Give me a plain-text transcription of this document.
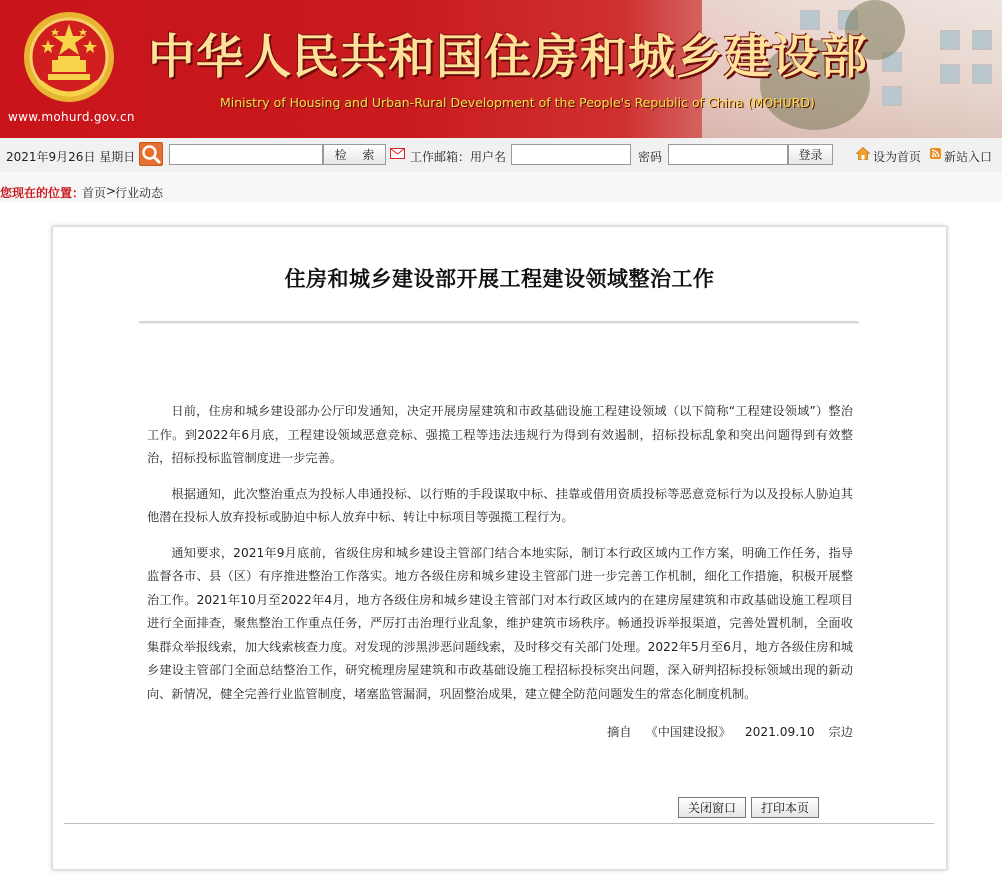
www.mohurd.gov.cn
中华人民共和国住房和城乡建设部
Ministry of Housing and Urban-Rural Development of the People's Republic of China (MOHURD)
2021年9月26日 星期日	检　 索	工作邮箱：用户名	密码	登录	设为首页 新站入口
您现在的位置：
首页 >
行业动态
住房和城乡建设部开展工程建设领域整治工作

日前，住房和城乡建设部办公厅印发通知，决定开展房屋建筑和市政基础设施工程建设领域（以下简称“工程建设领域”）整治工作。到2022年6月底，工程建设领域恶意竞标、强揽工程等违法违规行为得到有效遏制，招标投标乱象和突出问题得到有效整治，招标投标监管制度进一步完善。

根据通知，此次整治重点为投标人串通投标、以行贿的手段谋取中标、挂靠或借用资质投标等恶意竞标行为以及投标人胁迫其他潜在投标人放弃投标或胁迫中标人放弃中标、转让中标项目等强揽工程行为。

通知要求，2021年9月底前，省级住房和城乡建设主管部门结合本地实际，制订本行政区域内工作方案，明确工作任务，指导监督各市、县（区）有序推进整治工作落实。地方各级住房和城乡建设主管部门进一步完善工作机制，细化工作措施，积极开展整治工作。2021年10月至2022年4月，地方各级住房和城乡建设主管部门对本行政区域内的在建房屋建筑和市政基础设施工程项目进行全面排查，聚焦整治工作重点任务，严厉打击治理行业乱象，维护建筑市场秩序。畅通投诉举报渠道，完善处置机制，全面收集群众举报线索，加大线索核查力度。对发现的涉黑涉恶问题线索，及时移交有关部门处理。2022年5月至6月，地方各级住房和城乡建设主管部门全面总结整治工作，研究梳理房屋建筑和市政基础设施工程招标投标突出问题，深入研判招标投标领域出现的新动向、新情况，健全完善行业监管制度，堵塞监管漏洞，巩固整治成果，建立健全防范问题发生的常态化制度机制。

摘自 《中国建设报》 2021.09.10 宗边
关闭窗口	打印本页
